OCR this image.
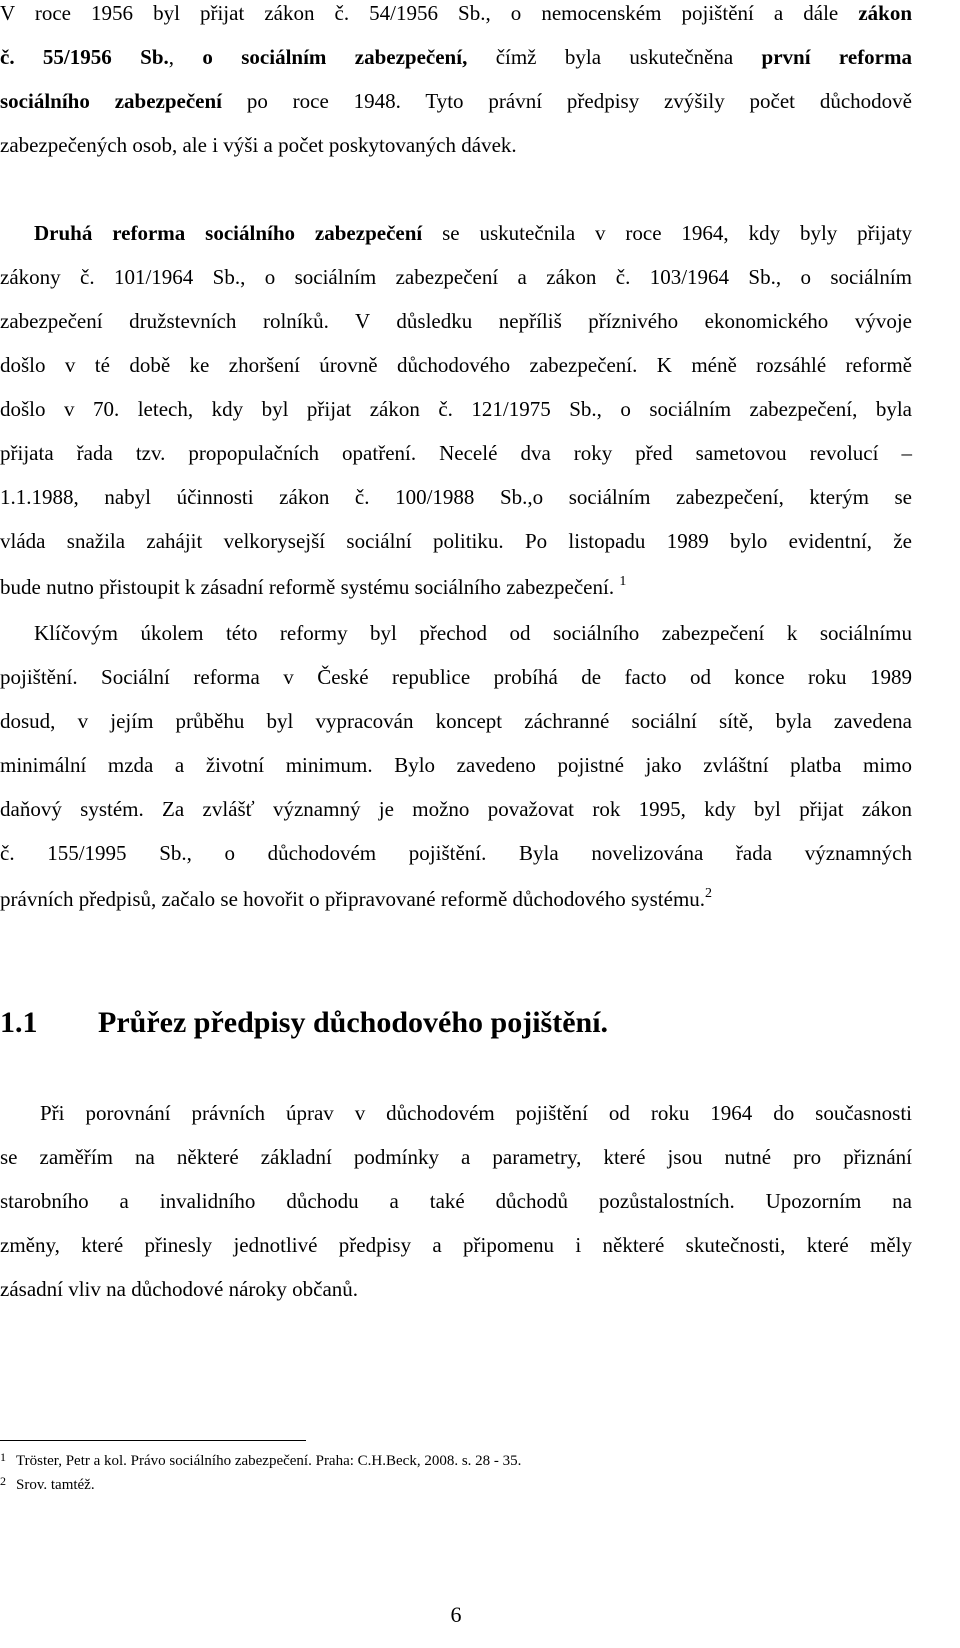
V roce 1956 byl přijat zákon č. 54/1956 Sb., o nemocenském pojištění a dále zákon
č. 55/1956 Sb., o sociálním zabezpečení, čímž byla uskutečněna první reforma
sociálního zabezpečení po roce 1948. Tyto právní předpisy zvýšily počet důchodově
zabezpečených osob, ale i výši a počet poskytovaných dávek.
Druhá reforma sociálního zabezpečení se uskutečnila v roce 1964, kdy byly přijaty
zákony č. 101/1964 Sb., o sociálním zabezpečení a zákon č. 103/1964 Sb., o sociálním
zabezpečení družstevních rolníků. V důsledku nepříliš příznivého ekonomického vývoje
došlo v té době ke zhoršení úrovně důchodového zabezpečení. K méně rozsáhlé reformě
došlo v 70. letech, kdy byl přijat zákon č. 121/1975 Sb., o sociálním zabezpečení, byla
přijata řada tzv. propopulačních opatření. Necelé dva roky před sametovou revolucí –
1.1.1988, nabyl účinnosti zákon č. 100/1988 Sb.,o sociálním zabezpečení, kterým se
vláda snažila zahájit velkorysejší sociální politiku. Po listopadu 1989 bylo evidentní, že
bude nutno přistoupit k zásadní reformě systému sociálního zabezpečení. $^1$
Klíčovým úkolem této reformy byl přechod od sociálního zabezpečení k sociálnímu
pojištění. Sociální reforma v České republice probíhá de facto od konce roku 1989
dosud, v jejím průběhu byl vypracován koncept záchranné sociální sítě, byla zavedena
minimální mzda a životní minimum. Bylo zavedeno pojistné jako zvláštní platba mimo
daňový systém. Za zvlášť významný je možno považovat rok 1995, kdy byl přijat zákon
č. 155/1995 Sb., o důchodovém pojištění. Byla novelizována řada významných
právních předpisů, začalo se hovořit o připravované reformě důchodového systému.$^2$
1.1 Průřez předpisy důchodového pojištění.
Při porovnání právních úprav v důchodovém pojištění od roku 1964 do současnosti
se zaměřím na některé základní podmínky a parametry, které jsou nutné pro přiznání
starobního a invalidního důchodu a také důchodů pozůstalostních. Upozorním na
změny, které přinesly jednotlivé předpisy a připomenu i některé skutečnosti, které měly
zásadní vliv na důchodové nároky občanů.
$^1$ Tröster, Petr a kol. Právo sociálního zabezpečení. Praha: C.H.Beck, 2008. s. 28 - 35.
$^2$ Srov. tamtéž.
6
